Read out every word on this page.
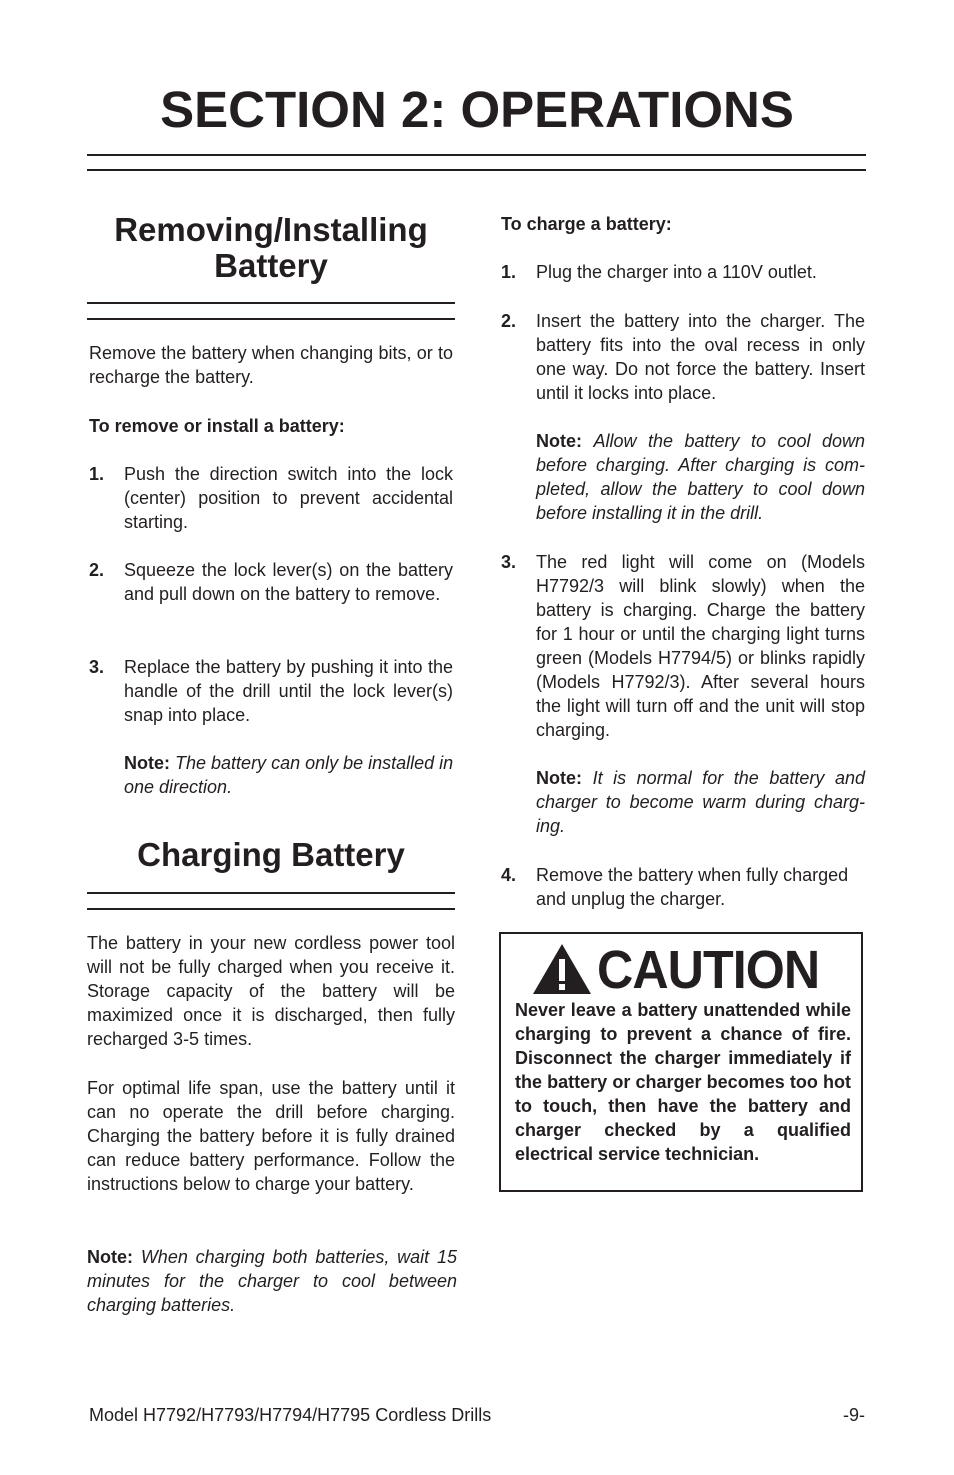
SECTION 2: OPERATIONS
Removing/Installing
Battery
Remove the battery when changing bits, or to recharge the battery.
To remove or install a battery:
1. Push the direction switch into the lock (center) position to prevent accidental starting.
2. Squeeze the lock lever(s) on the battery and pull down on the battery to remove.
3. Replace the battery by pushing it into the handle of the drill until the lock lever(s) snap into place.
Note: The battery can only be installed in one direction.
Charging Battery
The battery in your new cordless power tool will not be fully charged when you receive it. Storage capacity of the battery will be maximized once it is discharged, then fully recharged 3-5 times.
For optimal life span, use the battery until it can no operate the drill before charging. Charging the battery before it is fully drained can reduce battery performance. Follow the instructions below to charge your battery.
Note: When charging both batteries, wait 15 minutes for the charger to cool between charging batteries.
To charge a battery:
1. Plug the charger into a 110V outlet.
2. Insert the battery into the charger. The battery fits into the oval recess in only one way. Do not force the battery. Insert until it locks into place.
Note: Allow the battery to cool down before charging. After charging is completed, allow the battery to cool down before installing it in the drill.
3. The red light will come on (Models H7792/3 will blink slowly) when the battery is charging. Charge the battery for 1 hour or until the charging light turns green (Models H7794/5) or blinks rapidly (Models H7792/3). After several hours the light will turn off and the unit will stop charging.
Note: It is normal for the battery and charger to become warm during charging.
4. Remove the battery when fully charged and unplug the charger.
CAUTION
Never leave a battery unattended while charging to prevent a chance of fire. Disconnect the charger immediately if the battery or charger becomes too hot to touch, then have the battery and charger checked by a qualified electrical service technician.
Model H7792/H7793/H7794/H7795 Cordless Drills	-9-
